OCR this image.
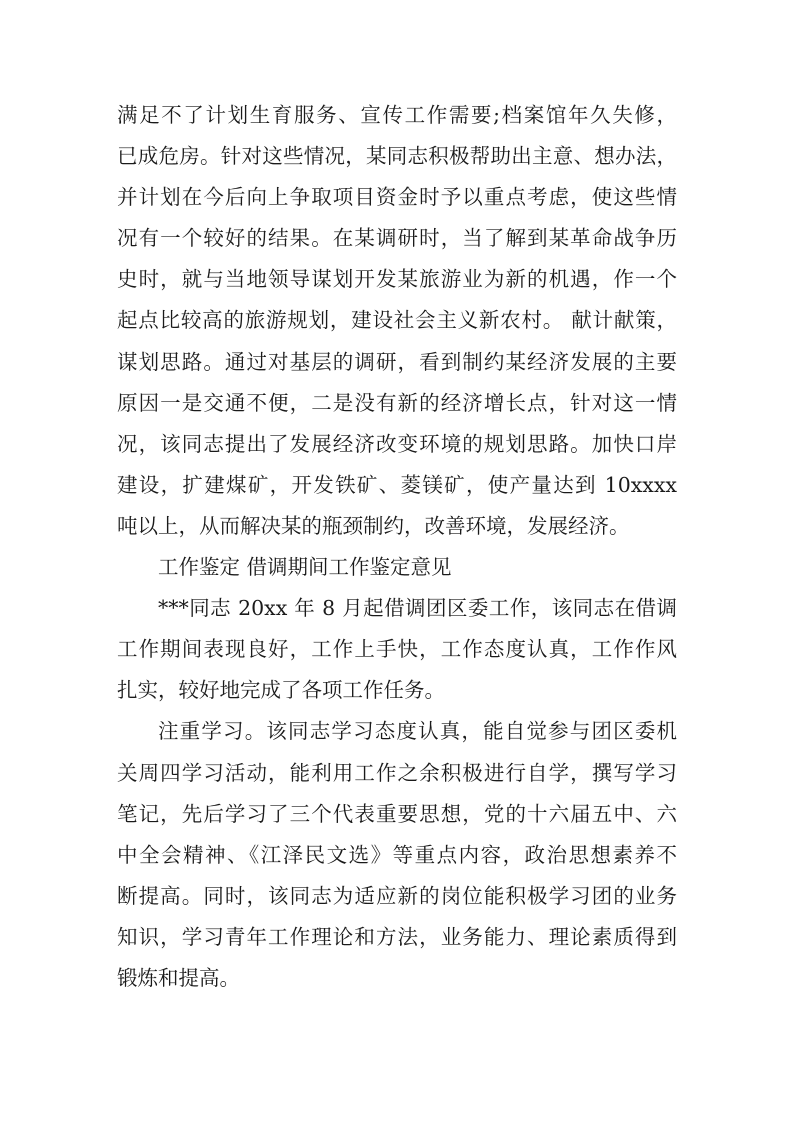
满足不了计划生育服务、宣传工作需要;档案馆年久失修，
已成危房。针对这些情况，某同志积极帮助出主意、想办法，
并计划在今后向上争取项目资金时予以重点考虑，使这些情
况有一个较好的结果。在某调研时，当了解到某革命战争历
史时，就与当地领导谋划开发某旅游业为新的机遇，作一个
起点比较高的旅游规划，建设社会主义新农村。 献计献策，
谋划思路。通过对基层的调研，看到制约某经济发展的主要
原因一是交通不便，二是没有新的经济增长点，针对这一情
况，该同志提出了发展经济改变环境的规划思路。加快口岸
建设，扩建煤矿，开发铁矿、菱镁矿，使产量达到 10xxxx
吨以上，从而解决某的瓶颈制约，改善环境，发展经济。
工作鉴定 借调期间工作鉴定意见
***同志 20xx 年 8 月起借调团区委工作，该同志在借调
工作期间表现良好，工作上手快，工作态度认真，工作作风
扎实，较好地完成了各项工作任务。
注重学习。该同志学习态度认真，能自觉参与团区委机
关周四学习活动，能利用工作之余积极进行自学，撰写学习
笔记，先后学习了三个代表重要思想，党的十六届五中、六
中全会精神、《江泽民文选》等重点内容，政治思想素养不
断提高。同时，该同志为适应新的岗位能积极学习团的业务
知识，学习青年工作理论和方法，业务能力、理论素质得到
锻炼和提高。
